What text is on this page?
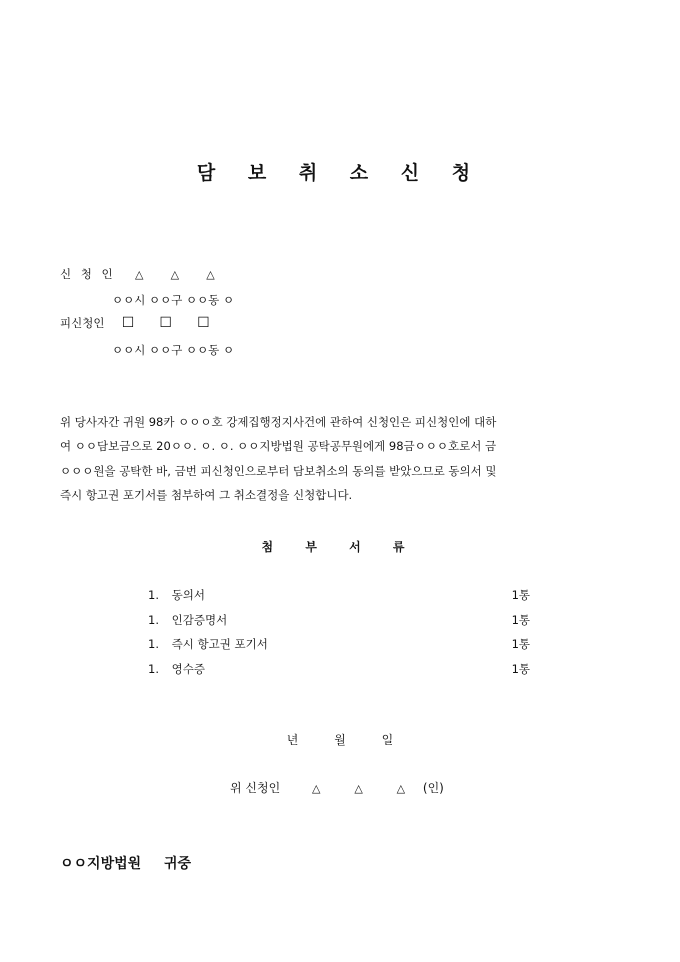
담 보 취 소 신 청
신 청 인 △ △ △
ㅇㅇ시 ㅇㅇ구 ㅇㅇ동 ㅇ
피신청인 ☐ ☐ ☐
ㅇㅇ시 ㅇㅇ구 ㅇㅇ동 ㅇ
위 당사자간 귀원 98카 ㅇㅇㅇ호 강제집행정지사건에 관하여 신청인은 피신청인에 대하
여 ㅇㅇ담보금으로 20ㅇㅇ. ㅇ. ㅇ. ㅇㅇ지방법원 공탁공무원에게 98금ㅇㅇㅇ호로서 금
ㅇㅇㅇ원을 공탁한 바, 금번 피신청인으로부터 담보취소의 동의를 받았으므로 동의서 및
즉시 항고권 포기서를 첨부하여 그 취소결정을 신청합니다.
첨 부 서 류
1. 동의서	1통
1. 인감증명서	1통
1. 즉시 항고권 포기서	1통
1. 영수증	1통
년	월	일
위 신청인	△	△	△ (인)
ㅇㅇ지방법원 귀중
